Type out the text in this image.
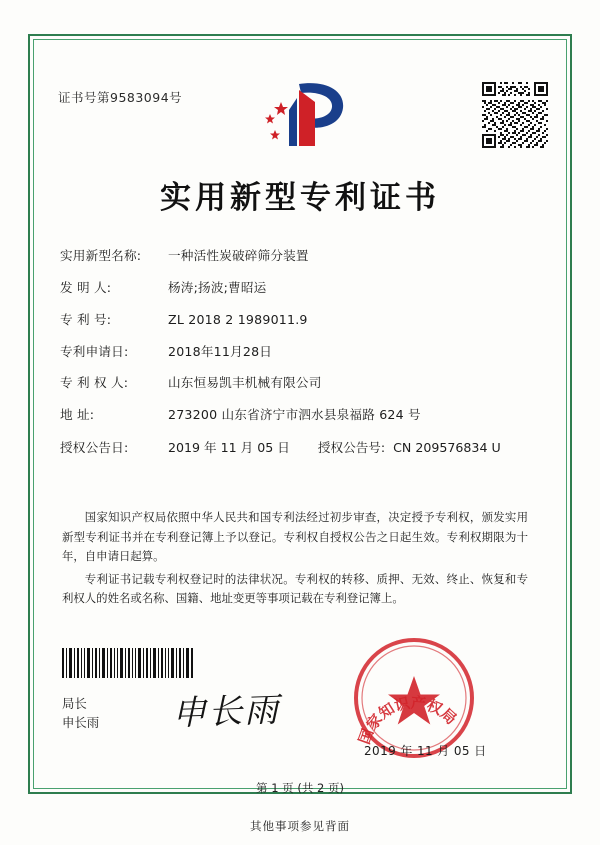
证书号第9583094号
实用新型专利证书
实用新型名称:	一种活性炭破碎筛分装置
发 明 人:	杨涛;扬波;曹昭运
专 利 号:	ZL 2018 2 1989011.9
专利申请日:	2018年11月28日
专 利 权 人:	山东恒易凯丰机械有限公司
地 址:	273200 山东省济宁市泗水县泉福路 624 号
授权公告日:	2019 年 11 月 05 日 授权公告号: CN 209576834 U

国家知识产权局依照中华人民共和国专利法经过初步审查，决定授予专利权，颁发实用新型专利证书并在专利登记簿上予以登记。专利权自授权公告之日起生效。专利权期限为十年，自申请日起算。

专利证书记载专利权登记时的法律状况。专利权的转移、质押、无效、终止、恢复和专利权人的姓名或名称、国籍、地址变更等事项记载在专利登记簿上。

局长
申长雨 申长雨
国家知识产权局
2019 年 11 月 05 日
第 1 页 (共 2 页)
其他事项参见背面
